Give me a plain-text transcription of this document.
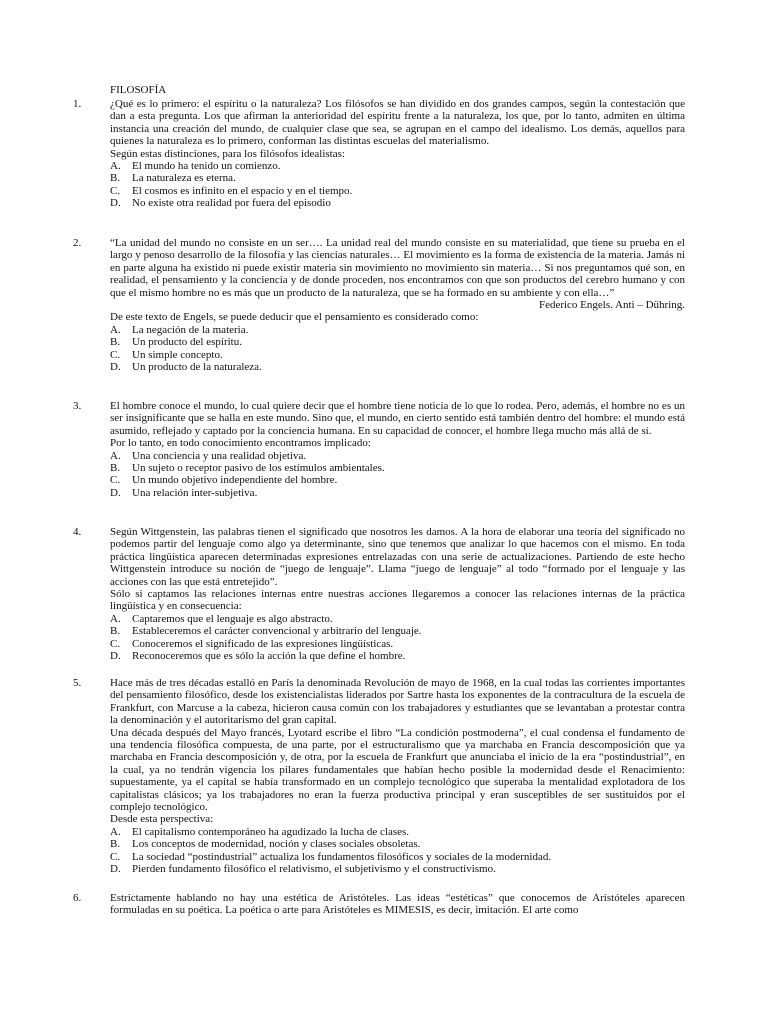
FILOSOFÍA
1.	¿Qué es lo primero: el espíritu o la naturaleza? Los filósofos se han dividido en dos grandes campos, según la contestación que dan a esta pregunta. Los que afirman la anterioridad del espíritu frente a la naturaleza, los que, por lo tanto, admiten en última instancia una creación del mundo, de cualquier clase que sea, se agrupan en el campo del idealismo. Los demás, aquellos para quienes la naturaleza es lo primero, conforman las distintas escuelas del materialismo.

Según estas distinciones, para los filósofos idealistas:

A.	El mundo ha tenido un comienzo.

B.	La naturaleza es eterna.

C.	El cosmos es infinito en el espacio y en el tiempo.

D.	No existe otra realidad por fuera del episodio

2.	“La unidad del mundo no consiste en un ser…. La unidad real del mundo consiste en su materialidad, que tiene su prueba en el largo y penoso desarrollo de la filosofía y las ciencias naturales… El movimiento es la forma de existencia de la materia. Jamás ni en parte alguna ha existido ni puede existir materia sin movimiento no movimiento sin materia… Si nos preguntamos qué son, en realidad, el pensamiento y la conciencia y de donde proceden, nos encontramos con que son productos del cerebro humano y con que el mismo hombre no es más que un producto de la naturaleza, que se ha formado en su ambiente y con ella…”

Federico Engels. Anti – Dühring.

De este texto de Engels, se puede deducir que el pensamiento es considerado como:

A.	La negación de la materia.

B.	Un producto del espíritu.

C.	Un simple concepto.

D.	Un producto de la naturaleza.

3.	El hombre conoce el mundo, lo cual quiere decir que el hombre tiene noticia de lo que lo rodea. Pero, además, el hombre no es un ser insignificante que se halla en este mundo. Sino que, el mundo, en cierto sentido está también dentro del hombre: el mundo está asumido, reflejado y captado por la conciencia humana. En su capacidad de conocer, el hombre llega mucho más allá de sí.

Por lo tanto, en todo conocimiento encontramos implicado:

A.	Una conciencia y una realidad objetiva.

B.	Un sujeto o receptor pasivo de los estímulos ambientales.

C.	Un mundo objetivo independiente del hombre.

D.	Una relación inter-subjetiva.

4.	Según Wittgenstein, las palabras tienen el significado que nosotros les damos. A la hora de elaborar una teoría del significado no podemos partir del lenguaje como algo ya determinante, sino que tenemos que analizar lo que hacemos con el mismo. En toda práctica lingüística aparecen determinadas expresiones entrelazadas con una serie de actualizaciones. Partiendo de este hecho Wittgenstein introduce su noción de “juego de lenguaje”. Llama “juego de lenguaje” al todo “formado por el lenguaje y las acciones con las que está entretejido”.

Sólo si captamos las relaciones internas entre nuestras acciones llegaremos a conocer las relaciones internas de la práctica lingüística y en consecuencia:

A.	Captaremos que el lenguaje es algo abstracto.

B.	Estableceremos el carácter convencional y arbitrario del lenguaje.

C.	Conoceremos el significado de las expresiones lingüísticas.

D.	Reconoceremos que es sólo la acción la que define el hombre.

5.	Hace más de tres décadas estalló en París la denominada Revolución de mayo de 1968, en la cual todas las corrientes importantes del pensamiento filosófico, desde los existencialistas liderados por Sartre hasta los exponentes de la contracultura de la escuela de Frankfurt, con Marcuse a la cabeza, hicieron causa común con los trabajadores y estudiantes que se levantaban a protestar contra la denominación y el autoritarismo del gran capital.

Una década después del Mayo francés, Lyotard escribe el libro “La condición postmoderna”, el cual condensa el fundamento de una tendencia filosófica compuesta, de una parte, por el estructuralismo que ya marchaba en Francia descomposición que ya marchaba en Francia descomposición y, de otra, por la escuela de Frankfurt que anunciaba el inicio de la era “postindustrial”, en la cual, ya no tendrán vigencia los pilares fundamentales que habían hecho posible la modernidad desde el Renacimiento: supuestamente, ya el capital se había transformado en un complejo tecnológico que superaba la mentalidad explotadora de los capitalistas clásicos; ya los trabajadores no eran la fuerza productiva principal y eran susceptibles de ser sustituidos por el complejo tecnológico.

Desde esta perspectiva:

A.	El capitalismo contemporáneo ha agudizado la lucha de clases.

B.	Los conceptos de modernidad, noción y clases sociales obsoletas.

C.	La sociedad “postindustrial” actualiza los fundamentos filosóficos y sociales de la modernidad.

D.	Pierden fundamento filosófico el relativismo, el subjetivismo y el constructivismo.

6.	Estrictamente hablando no hay una estética de Aristóteles. Las ideas “estéticas” que conocemos de Aristóteles aparecen formuladas en su poética. La poética o arte para Aristóteles es MIMESIS, es decir, imitación. El arte como
